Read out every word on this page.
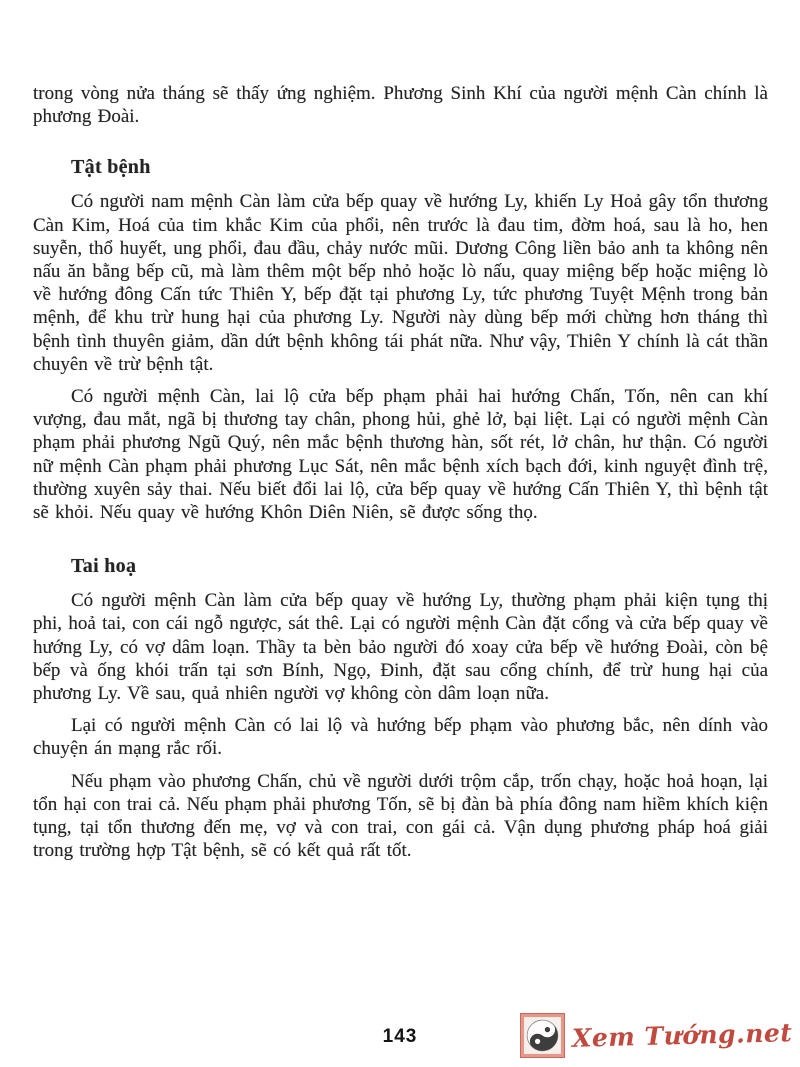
trong vòng nửa tháng sẽ thấy ứng nghiệm. Phương Sinh Khí của người mệnh Càn chính là phương Đoài.

Tật bệnh

Có người nam mệnh Càn làm cửa bếp quay về hướng Ly, khiến Ly Hoả gây tổn thương Càn Kim, Hoá của tim khắc Kim của phổi, nên trước là đau tim, đờm hoá, sau là ho, hen suyễn, thổ huyết, ung phổi, đau đầu, chảy nước mũi. Dương Công liền bảo anh ta không nên nấu ăn bằng bếp cũ, mà làm thêm một bếp nhỏ hoặc lò nấu, quay miệng bếp hoặc miệng lò về hướng đông Cấn tức Thiên Y, bếp đặt tại phương Ly, tức phương Tuyệt Mệnh trong bản mệnh, để khu trừ hung hại của phương Ly. Người này dùng bếp mới chừng hơn tháng thì bệnh tình thuyên giảm, dần dứt bệnh không tái phát nữa. Như vậy, Thiên Y chính là cát thần chuyên về trừ bệnh tật.

Có người mệnh Càn, lai lộ cửa bếp phạm phải hai hướng Chấn, Tốn, nên can khí vượng, đau mắt, ngã bị thương tay chân, phong hủi, ghẻ lở, bại liệt. Lại có người mệnh Càn phạm phải phương Ngũ Quý, nên mắc bệnh thương hàn, sốt rét, lở chân, hư thận. Có người nữ mệnh Càn phạm phải phương Lục Sát, nên mắc bệnh xích bạch đới, kinh nguyệt đình trệ, thường xuyên sảy thai. Nếu biết đổi lai lộ, cửa bếp quay về hướng Cấn Thiên Y, thì bệnh tật sẽ khỏi. Nếu quay về hướng Khôn Diên Niên, sẽ được sống thọ.

Tai hoạ

Có người mệnh Càn làm cửa bếp quay về hướng Ly, thường phạm phải kiện tụng thị phi, hoả tai, con cái ngỗ ngược, sát thê. Lại có người mệnh Càn đặt cổng và cửa bếp quay về hướng Ly, có vợ dâm loạn. Thầy ta bèn bảo người đó xoay cửa bếp về hướng Đoài, còn bệ bếp và ống khói trấn tại sơn Bính, Ngọ, Đinh, đặt sau cổng chính, để trừ hung hại của phương Ly. Về sau, quả nhiên người vợ không còn dâm loạn nữa.

Lại có người mệnh Càn có lai lộ và hướng bếp phạm vào phương bắc, nên dính vào chuyện án mạng rắc rối.

Nếu phạm vào phương Chấn, chủ về người dưới trộm cắp, trốn chạy, hoặc hoả hoạn, lại tổn hại con trai cả. Nếu phạm phải phương Tốn, sẽ bị đàn bà phía đông nam hiềm khích kiện tụng, tại tổn thương đến mẹ, vợ và con trai, con gái cả. Vận dụng phương pháp hoá giải trong trường hợp Tật bệnh, sẽ có kết quả rất tốt.

143	Xem Tướng.net
